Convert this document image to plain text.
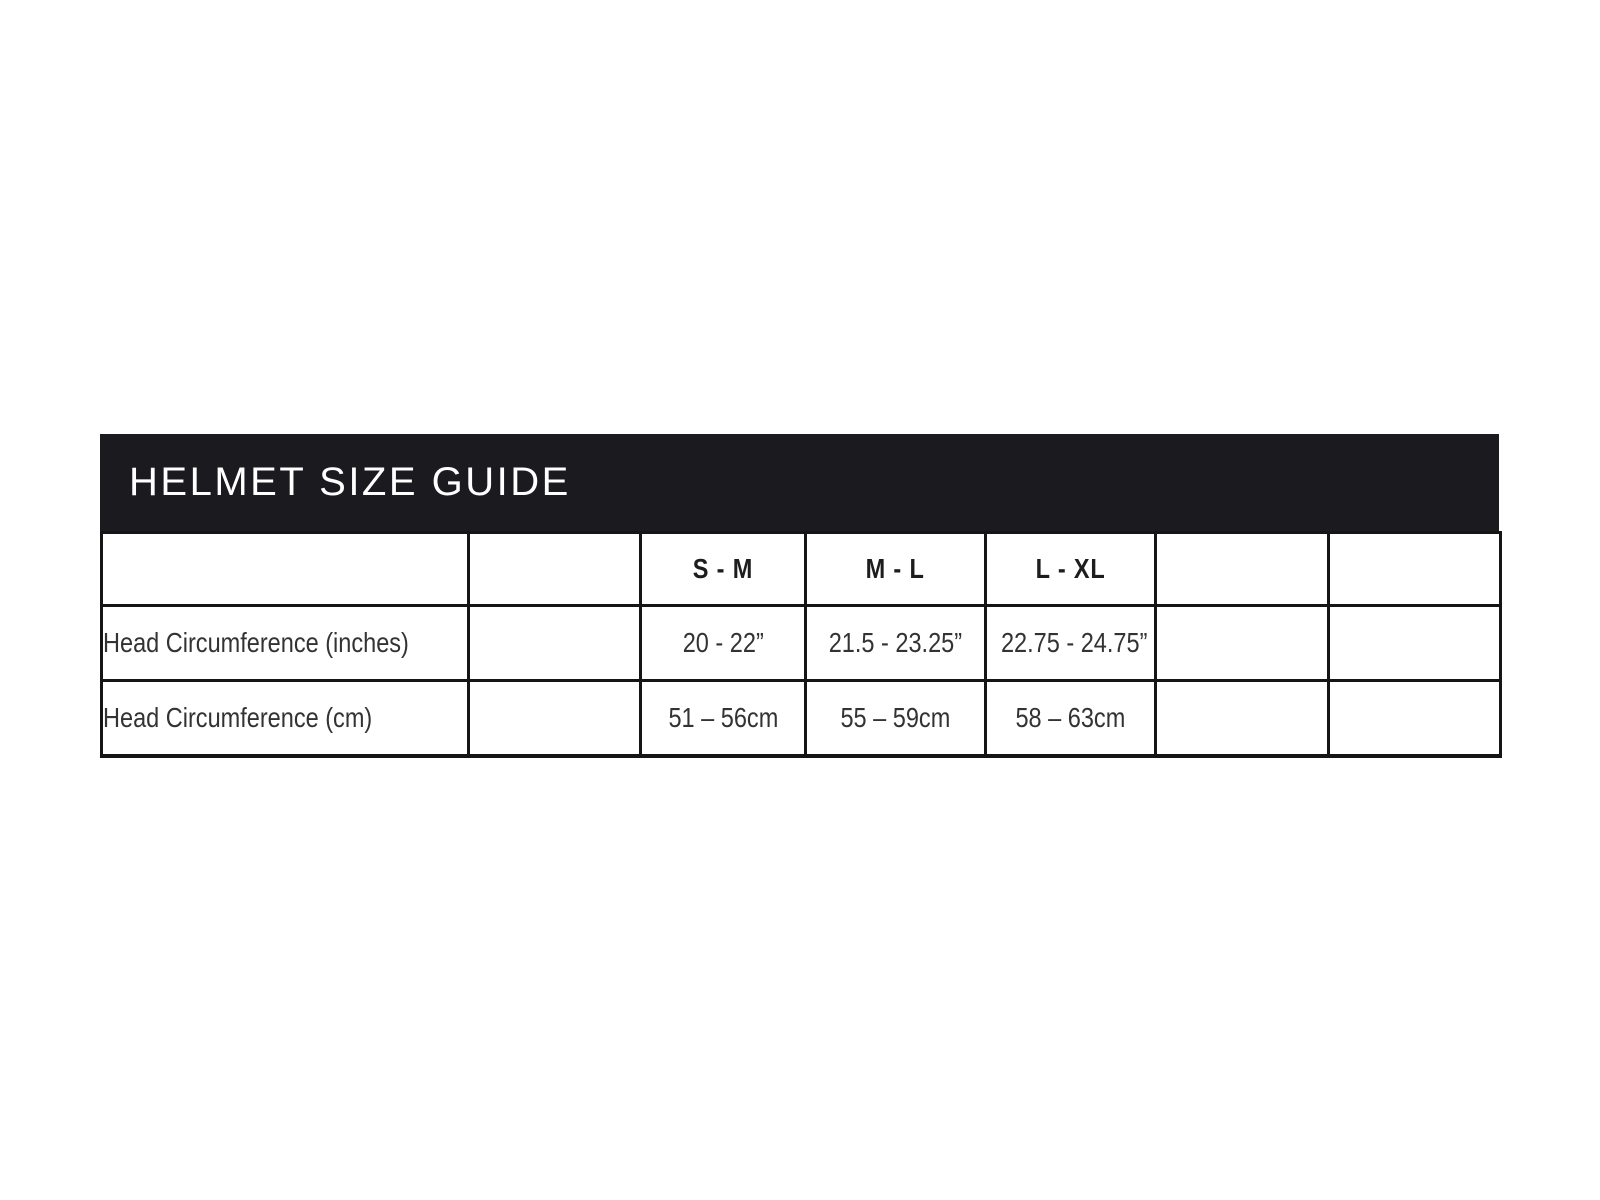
HELMET SIZE GUIDE
		S - M	M - L	L - XL		
Head Circumference (inches)		20 - 22”	21.5 - 23.25”	22.75 - 24.75”		
Head Circumference (cm)		51 – 56cm	55 – 59cm	58 – 63cm		
